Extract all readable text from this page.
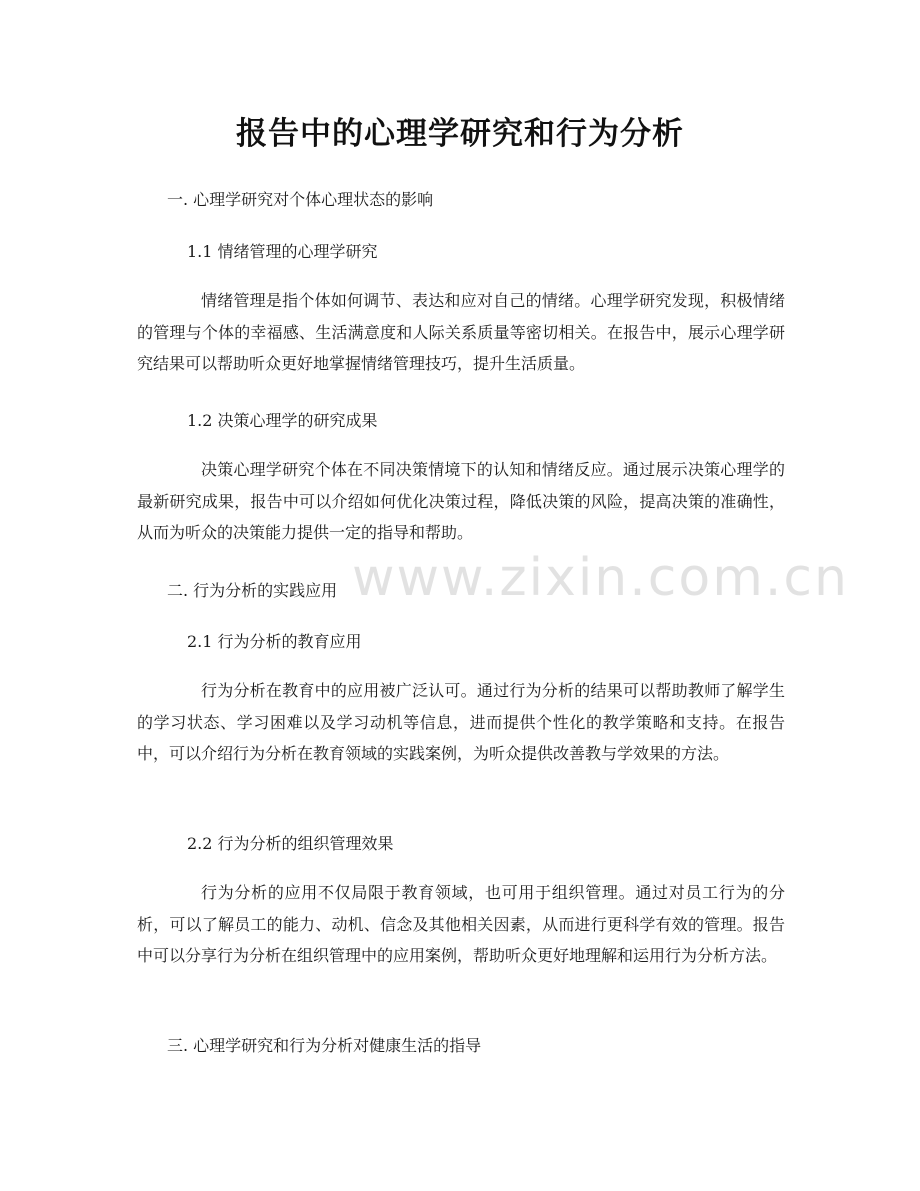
报告中的心理学研究和行为分析
一. 心理学研究对个体心理状态的影响
1.1 情绪管理的心理学研究
情绪管理是指个体如何调节、表达和应对自己的情绪。心理学研究发现，积极情绪的管理与个体的幸福感、生活满意度和人际关系质量等密切相关。在报告中，展示心理学研究结果可以帮助听众更好地掌握情绪管理技巧，提升生活质量。
1.2 决策心理学的研究成果
决策心理学研究个体在不同决策情境下的认知和情绪反应。通过展示决策心理学的最新研究成果，报告中可以介绍如何优化决策过程，降低决策的风险，提高决策的准确性，从而为听众的决策能力提供一定的指导和帮助。
二. 行为分析的实践应用
2.1 行为分析的教育应用
行为分析在教育中的应用被广泛认可。通过行为分析的结果可以帮助教师了解学生的学习状态、学习困难以及学习动机等信息，进而提供个性化的教学策略和支持。在报告中，可以介绍行为分析在教育领域的实践案例，为听众提供改善教与学效果的方法。
2.2 行为分析的组织管理效果
行为分析的应用不仅局限于教育领域，也可用于组织管理。通过对员工行为的分析，可以了解员工的能力、动机、信念及其他相关因素，从而进行更科学有效的管理。报告中可以分享行为分析在组织管理中的应用案例，帮助听众更好地理解和运用行为分析方法。
三. 心理学研究和行为分析对健康生活的指导
www.zixin.com.cn
